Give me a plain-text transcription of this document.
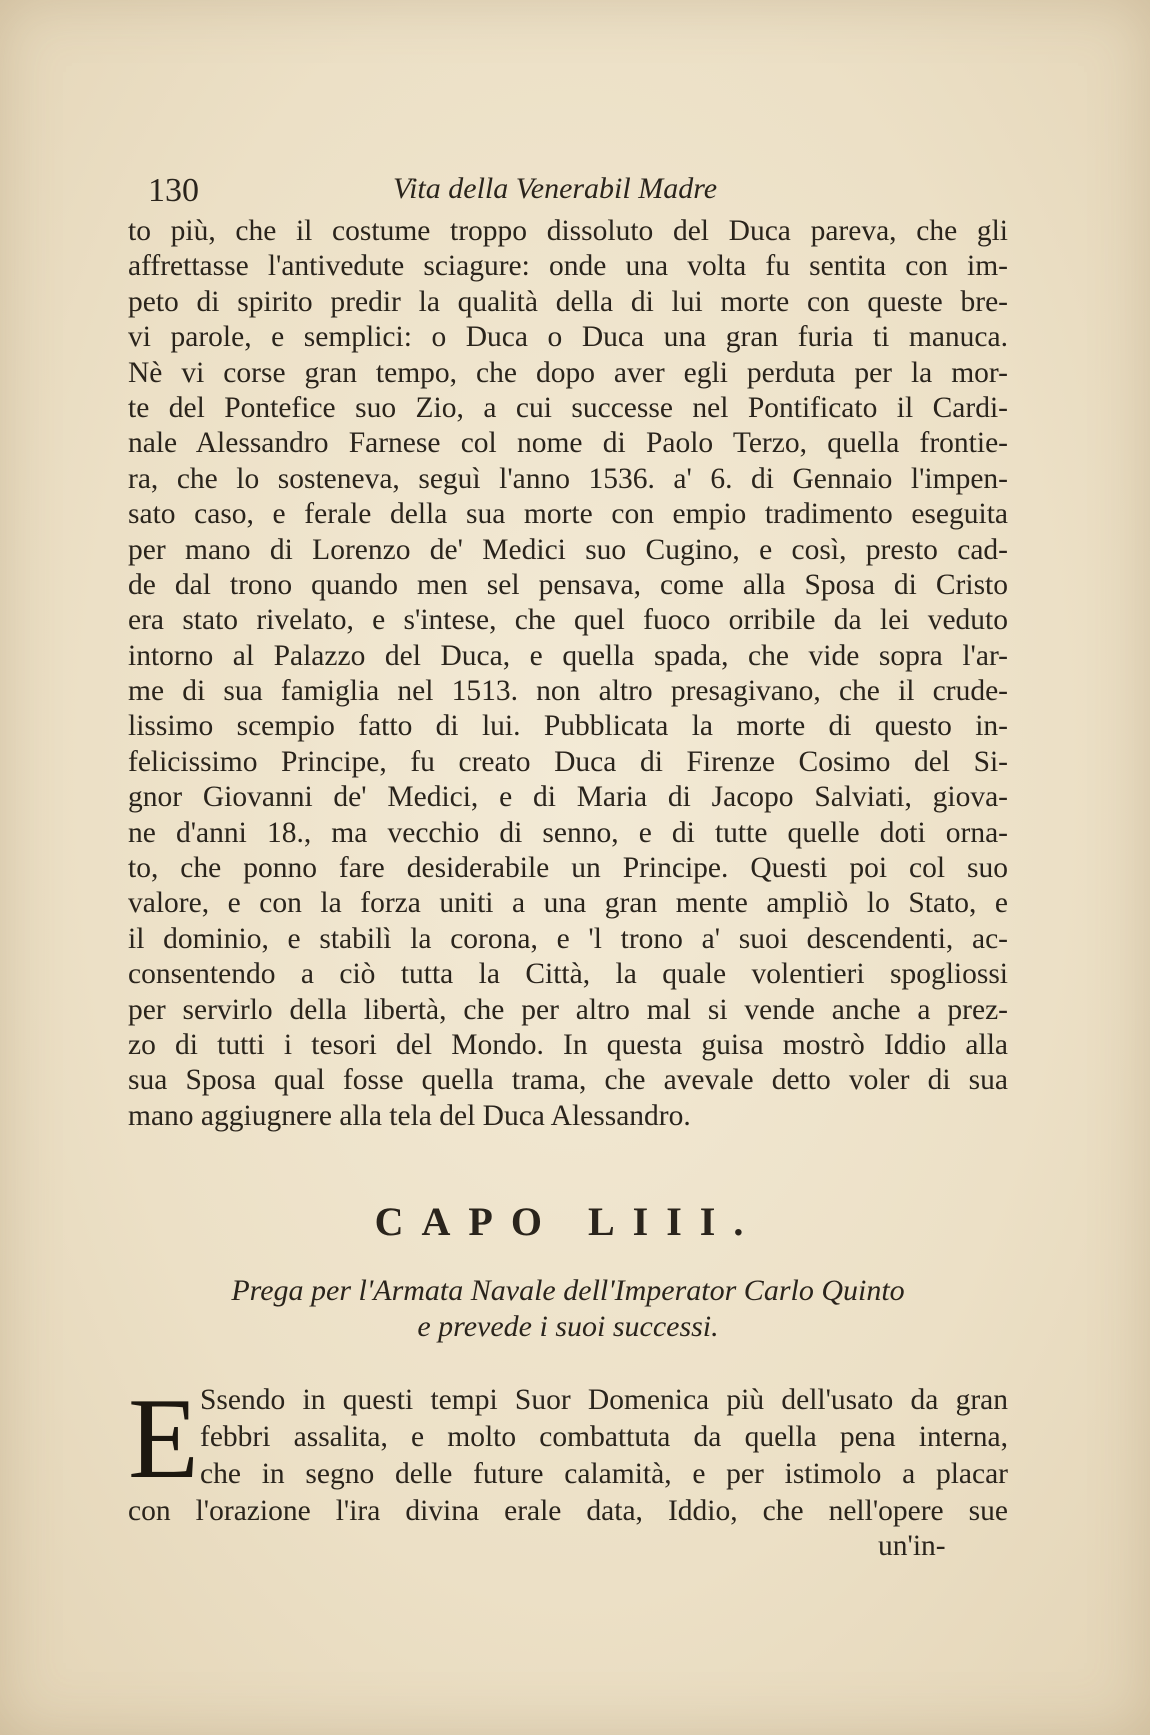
130	Vita della Venerabil Madre
to più, che il costume troppo dissoluto del Duca pareva, che gli
affrettasse l'antivedute sciagure: onde una volta fu sentita con im-
peto di spirito predir la qualità della di lui morte con queste bre-
vi parole, e semplici: o Duca o Duca una gran furia ti manuca.
Nè vi corse gran tempo, che dopo aver egli perduta per la mor-
te del Pontefice suo Zio, a cui successe nel Pontificato il Cardi-
nale Alessandro Farnese col nome di Paolo Terzo, quella frontie-
ra, che lo sosteneva, seguì l'anno 1536. a' 6. di Gennaio l'impen-
sato caso, e ferale della sua morte con empio tradimento eseguita
per mano di Lorenzo de' Medici suo Cugino, e così, presto cad-
de dal trono quando men sel pensava, come alla Sposa di Cristo
era stato rivelato, e s'intese, che quel fuoco orribile da lei veduto
intorno al Palazzo del Duca, e quella spada, che vide sopra l'ar-
me di sua famiglia nel 1513. non altro presagivano, che il crude-
lissimo scempio fatto di lui. Pubblicata la morte di questo in-
felicissimo Principe, fu creato Duca di Firenze Cosimo del Si-
gnor Giovanni de' Medici, e di Maria di Jacopo Salviati, giova-
ne d'anni 18., ma vecchio di senno, e di tutte quelle doti orna-
to, che ponno fare desiderabile un Principe. Questi poi col suo
valore, e con la forza uniti a una gran mente ampliò lo Stato, e
il dominio, e stabilì la corona, e 'l trono a' suoi descendenti, ac-
consentendo a ciò tutta la Città, la quale volentieri spogliossi
per servirlo della libertà, che per altro mal si vende anche a prez-
zo di tutti i tesori del Mondo. In questa guisa mostrò Iddio alla
sua Sposa qual fosse quella trama, che avevale detto voler di sua
mano aggiugnere alla tela del Duca Alessandro.
CAPO LIII.
Prega per l'Armata Navale dell'Imperator Carlo Quinto
e prevede i suoi successi.
E Ssendo in questi tempi Suor Domenica più dell'usato da gran
febbri assalita, e molto combattuta da quella pena interna,
che in segno delle future calamità, e per istimolo a placar
con l'orazione l'ira divina erale data, Iddio, che nell'opere sue
un'in-
